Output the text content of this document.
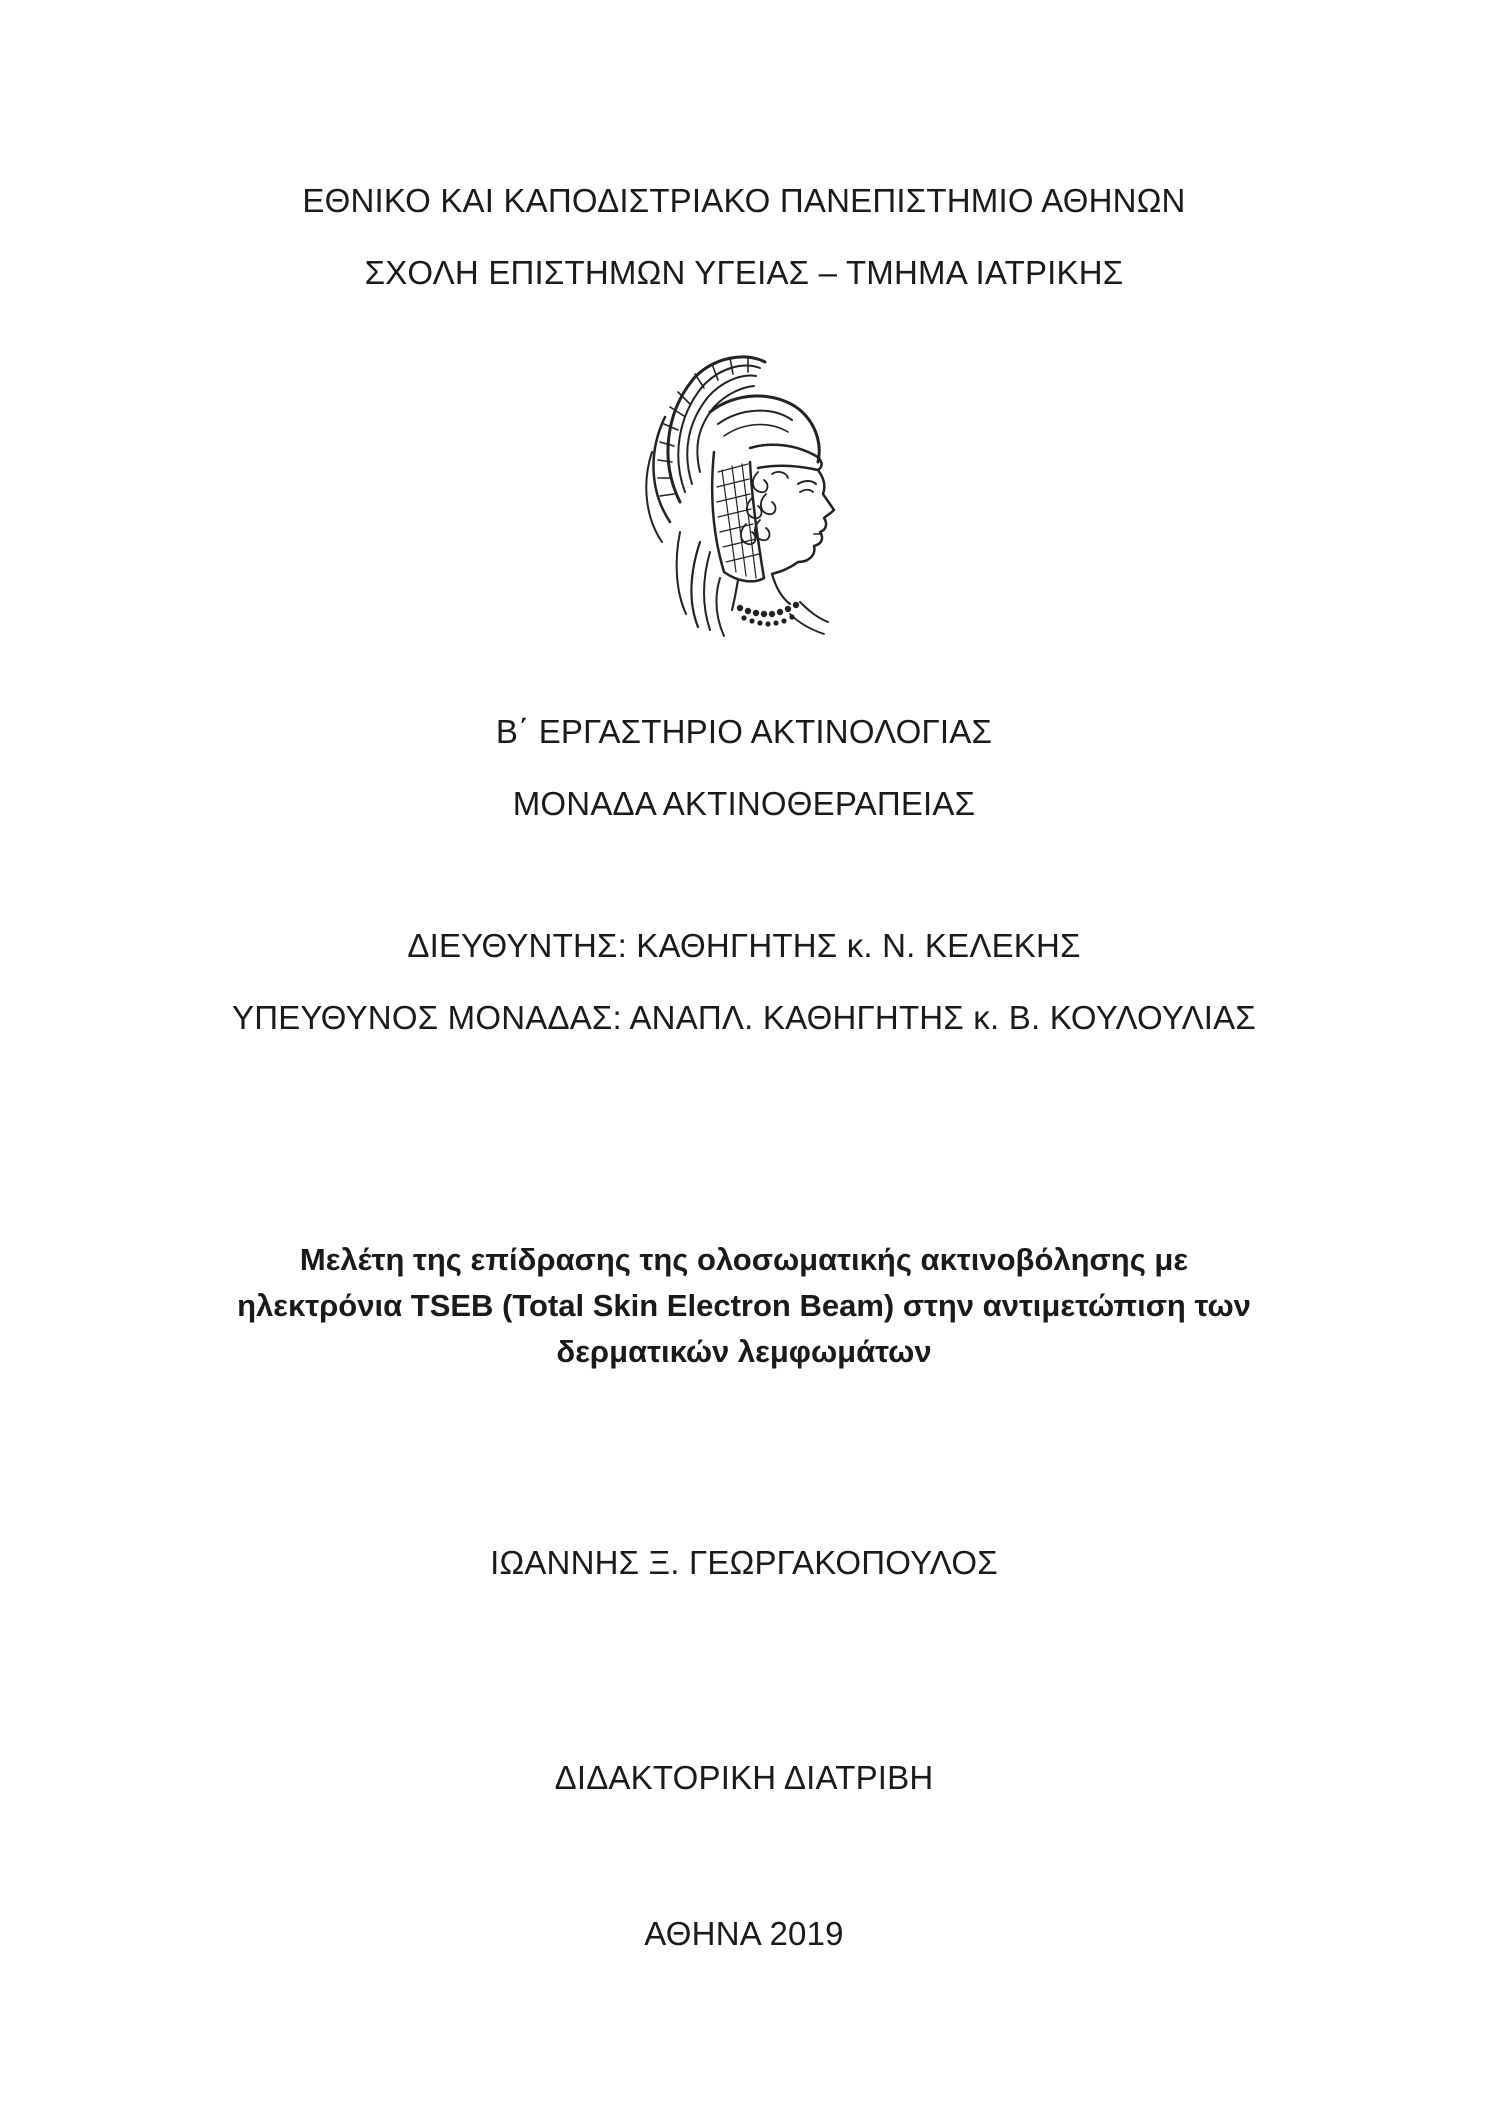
ΕΘΝΙΚΟ ΚΑΙ ΚΑΠΟΔΙΣΤΡΙΑΚΟ ΠΑΝΕΠΙΣΤΗΜΙΟ ΑΘΗΝΩΝ
ΣΧΟΛΗ ΕΠΙΣΤΗΜΩΝ ΥΓΕΙΑΣ – ΤΜΗΜΑ ΙΑΤΡΙΚΗΣ
Β΄ ΕΡΓΑΣΤΗΡΙΟ ΑΚΤΙΝΟΛΟΓΙΑΣ
ΜΟΝΑΔΑ ΑΚΤΙΝΟΘΕΡΑΠΕΙΑΣ
ΔΙΕΥΘΥΝΤΗΣ: ΚΑΘΗΓΗΤΗΣ κ. Ν. ΚΕΛΕΚΗΣ
ΥΠΕΥΘΥΝΟΣ ΜΟΝΑΔΑΣ: ΑΝΑΠΛ. ΚΑΘΗΓΗΤΗΣ κ. Β. ΚΟΥΛΟΥΛΙΑΣ
Μελέτη της επίδρασης της ολοσωματικής ακτινοβόλησης με
ηλεκτρόνια TSEB (Total Skin Electron Beam) στην αντιμετώπιση των
δερματικών λεμφωμάτων
ΙΩΑΝΝΗΣ Ξ. ΓΕΩΡΓΑΚΟΠΟΥΛΟΣ
ΔΙΔΑΚΤΟΡΙΚΗ ΔΙΑΤΡΙΒΗ
ΑΘΗΝΑ 2019
